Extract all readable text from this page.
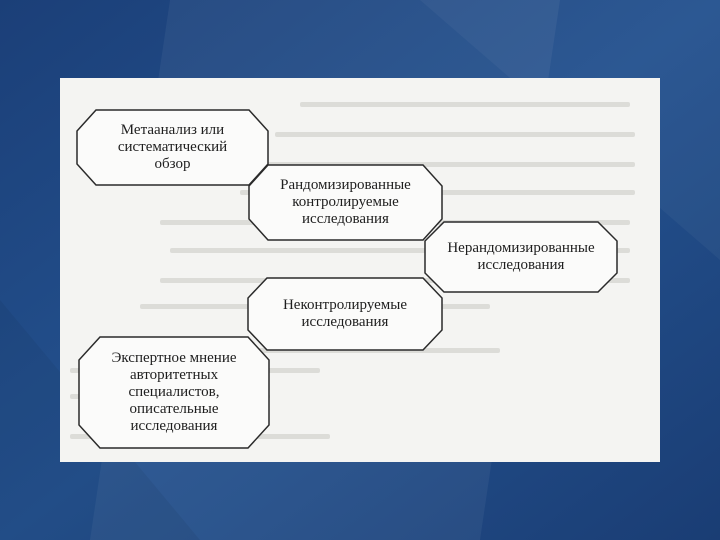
Метаанализ или
систематический
обзор
Рандомизированные
контролируемые
исследования
Нерандомизированные
исследования
Неконтролируемые
исследования
Экспертное мнение
авторитетных
специалистов,
описательные
исследования
